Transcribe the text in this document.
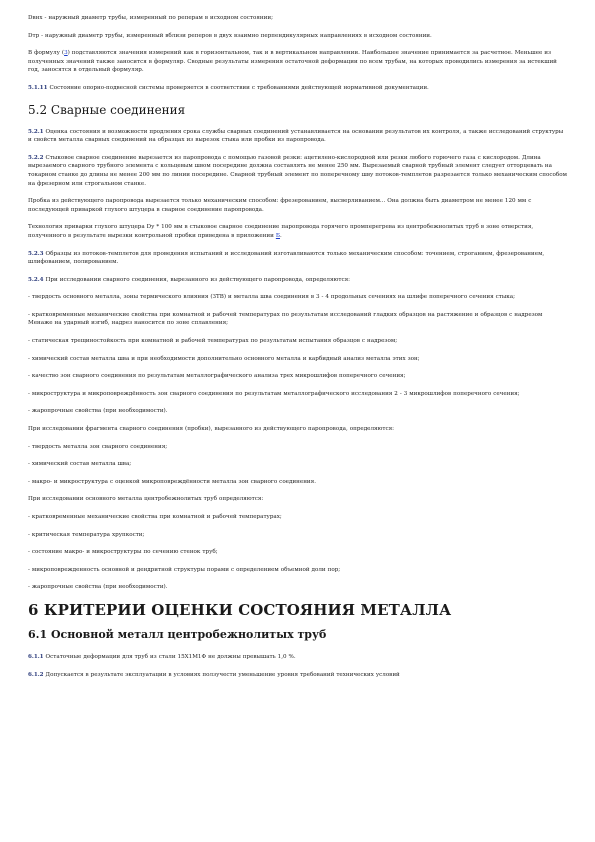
Dвнх - наружный диаметр трубы, измеренный по реперам в исходном состоянии;

Dтр - наружный диаметр трубы, измеренный вблизи реперов в двух взаимно перпендикулярных направлениях в исходном состоянии.

В формулу (3) подставляются значения измерений как в горизонтальном, так и в вертикальном направлении. Наибольшее значение принимается за расчетное. Меньшее из полученных значений также заносится в формуляр. Сводные результаты измерения остаточной деформации по всем трубам, на которых проводились измерения за истекший год, заносятся в отдельный формуляр.

5.1.11 Состояние опорно-подвесной системы проверяется в соответствии с требованиями действующей нормативной документации.

5.2 Сварные соединения

5.2.1 Оценка состояния и возможности продления срока службы сварных соединений устанавливается на основании результатов их контроля, а также исследований структуры и свойств металла сварных соединений на образцах из вырезок стыка или пробки из паропровода.

5.2.2 Стыковое сварное соединение вырезается из паропровода с помощью газовой резки: ацетилено-кислородной или резки любого горючего газа с кислородом. Длина вырезаемого сварного трубного элемента с кольцевым швом посередине должна составлять не менее 250 мм. Вырезаемый сварной трубный элемент следует отторцевать на токарном станке до длины не менее 200 мм по линии посередине. Сварной трубный элемент по поперечному шву потоков-темплетов разрезается только механическим способом на фрезерном или строгальном станке.

Пробка из действующего паропровода вырезается только механическим способом: фрезерованием, высверливанием... Она должна быть диаметром не менее 120 мм с последующей приваркой глухого штуцера в сварное соединение паропровода.

Технология приварки глухого штуцера Dу * 100 мм в стыковое сварное соединение паропровода горячего промперегрева из центробежнолитых труб в зоне отверстия, полученного в результате вырезки контрольной пробки приведена в приложении Б.

5.2.3 Образцы из потоков-темплетов для проведения испытаний и исследований изготавливаются только механическим способом: точением, строганием, фрезерованием, шлифованием, полированием.

5.2.4 При исследовании сварного соединения, вырезанного из действующего паропровода, определяются:

- твердость основного металла, зоны термического влияния (ЗТВ) и металла шва соединения в 3 - 4 продольных сечениях на шлифе поперечного сечения стыка;

- кратковременные механические свойства при комнатной и рабочей температурах по результатам исследований гладких образцов на растяжение и образцов с надрезом Менаже на ударный изгиб, надрез наносится по зоне сплавления;

- статическая трещиностойкость при комнатной и рабочей температурах по результатам испытания образцов с надрезом;

- химический состав металла шва и при необходимости дополнительно основного металла и карбидный анализ металла этих зон;

- качество зон сварного соединения по результатам металлографического анализа трех микрошлифов поперечного сечения;

- микроструктура и микроповреждённость зон сварного соединения по результатам металлографического исследования 2 - 3 микрошлифов поперечного сечения;

- жаропрочные свойства (при необходимости).

При исследовании фрагмента сварного соединения (пробки), вырезанного из действующего паропровода, определяются:

- твердость металла зон сварного соединения;

- химический состав металла шва;

- макро- и микроструктура с оценкой микроповреждённости металла зон сварного соединения.

При исследовании основного металла центробежнолитых труб определяются:

- кратковременные механические свойства при комнатной и рабочей температурах;

- критическая температура хрупкости;

- состояние макро- и микроструктуры по сечению стенок труб;

- микроповрежденность основной и дендритной структуры порами с определением объемной доли пор;

- жаропрочные свойства (при необходимости).

6 КРИТЕРИИ ОЦЕНКИ СОСТОЯНИЯ МЕТАЛЛА
6.1 Основной металл центробежнолитых труб

6.1.1 Остаточные деформации для труб из стали 15Х1М1Ф не должны превышать 1,0 %.

6.1.2 Допускается в результате эксплуатации в условиях ползучести уменьшение уровня требований технических условий
